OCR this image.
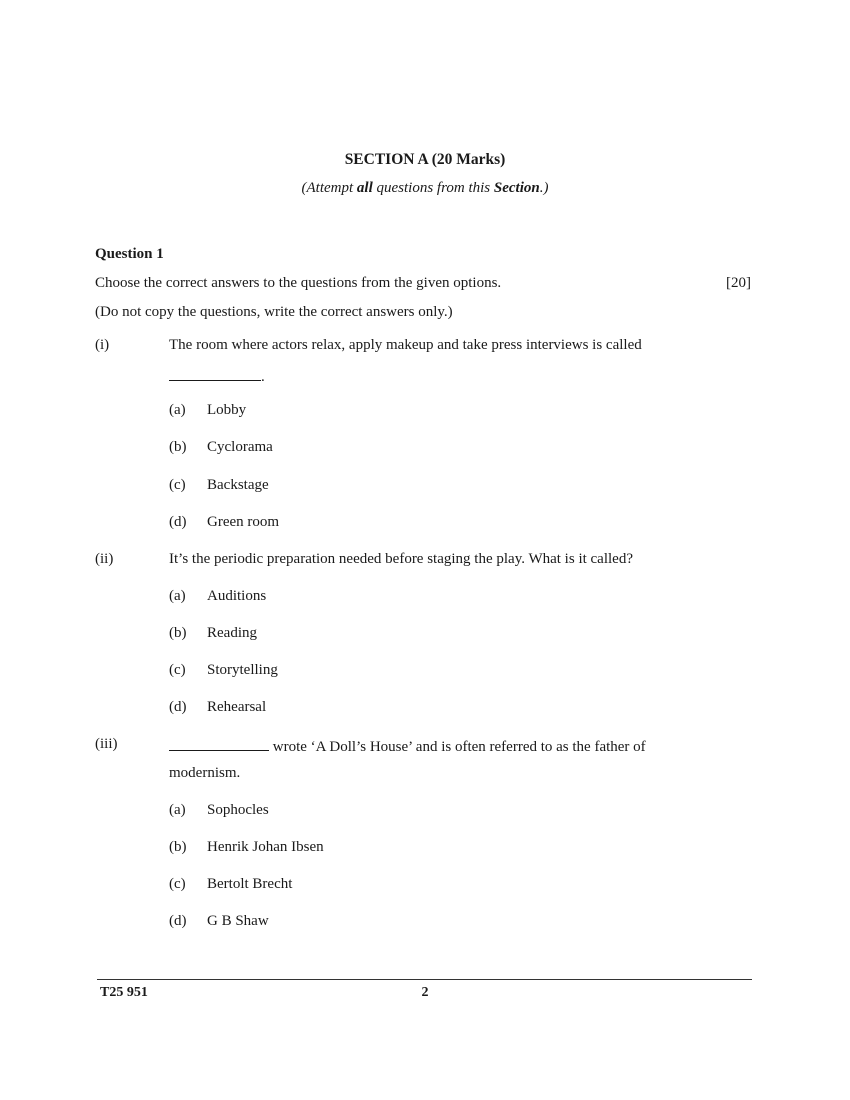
SECTION A (20 Marks)
(Attempt all questions from this Section.)
Question 1
Choose the correct answers to the questions from the given options.	[20]
(Do not copy the questions, write the correct answers only.)
(i)	The room where actors relax, apply makeup and take press interviews is called
.
(a) Lobby
(b) Cyclorama
(c) Backstage
(d) Green room
(ii)	It’s the periodic preparation needed before staging the play. What is it called?
(a) Auditions
(b) Reading
(c) Storytelling
(d) Rehearsal
(iii)	wrote ‘A Doll’s House’ and is often referred to as the father of
modernism.
(a) Sophocles
(b) Henrik Johan Ibsen
(c) Bertolt Brecht
(d) G B Shaw
T25 951	2
